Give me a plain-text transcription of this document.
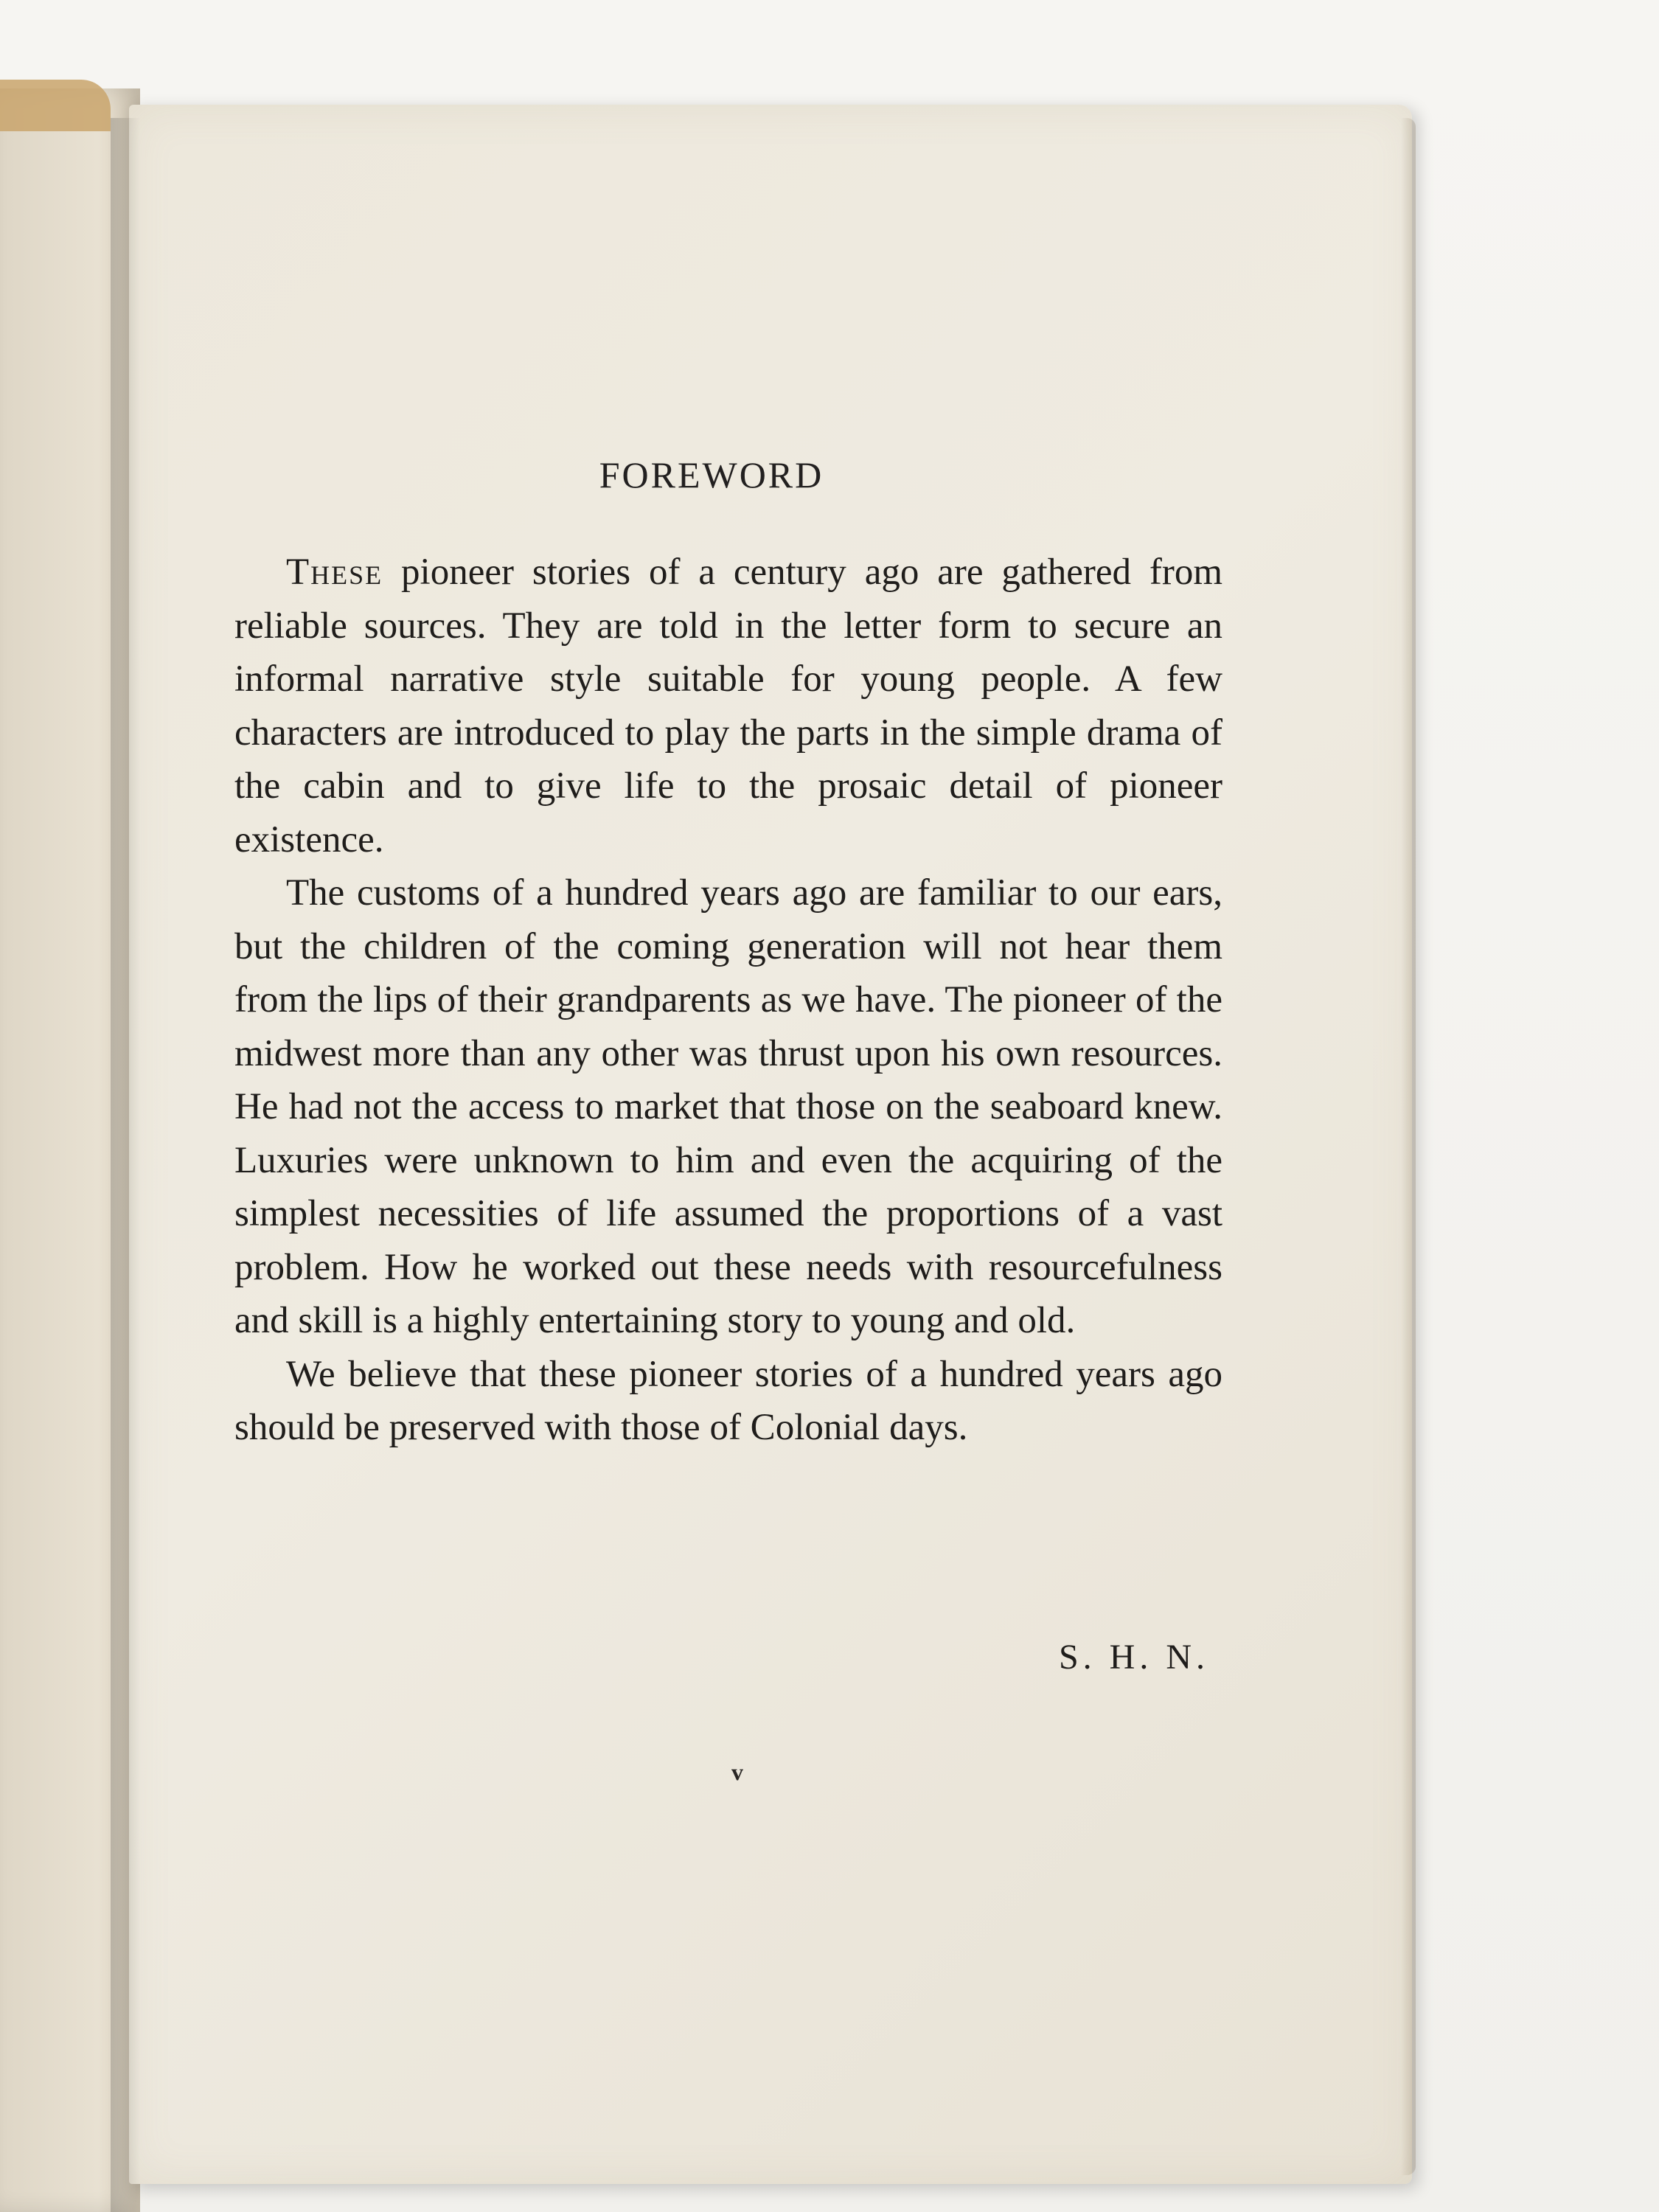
FOREWORD

These pioneer stories of a century ago are gathered from reliable sources. They are told in the letter form to secure an informal narrative style suitable for young people. A few characters are introduced to play the parts in the simple drama of the cabin and to give life to the prosaic detail of pioneer existence.

The customs of a hundred years ago are familiar to our ears, but the children of the coming generation will not hear them from the lips of their grandparents as we have. The pioneer of the midwest more than any other was thrust upon his own resources. He had not the access to market that those on the seaboard knew. Luxuries were unknown to him and even the acquiring of the simplest necessities of life assumed the proportions of a vast problem. How he worked out these needs with resourcefulness and skill is a highly entertaining story to young and old.

We believe that these pioneer stories of a hundred years ago should be preserved with those of Colonial days.

S. H. N.
v
